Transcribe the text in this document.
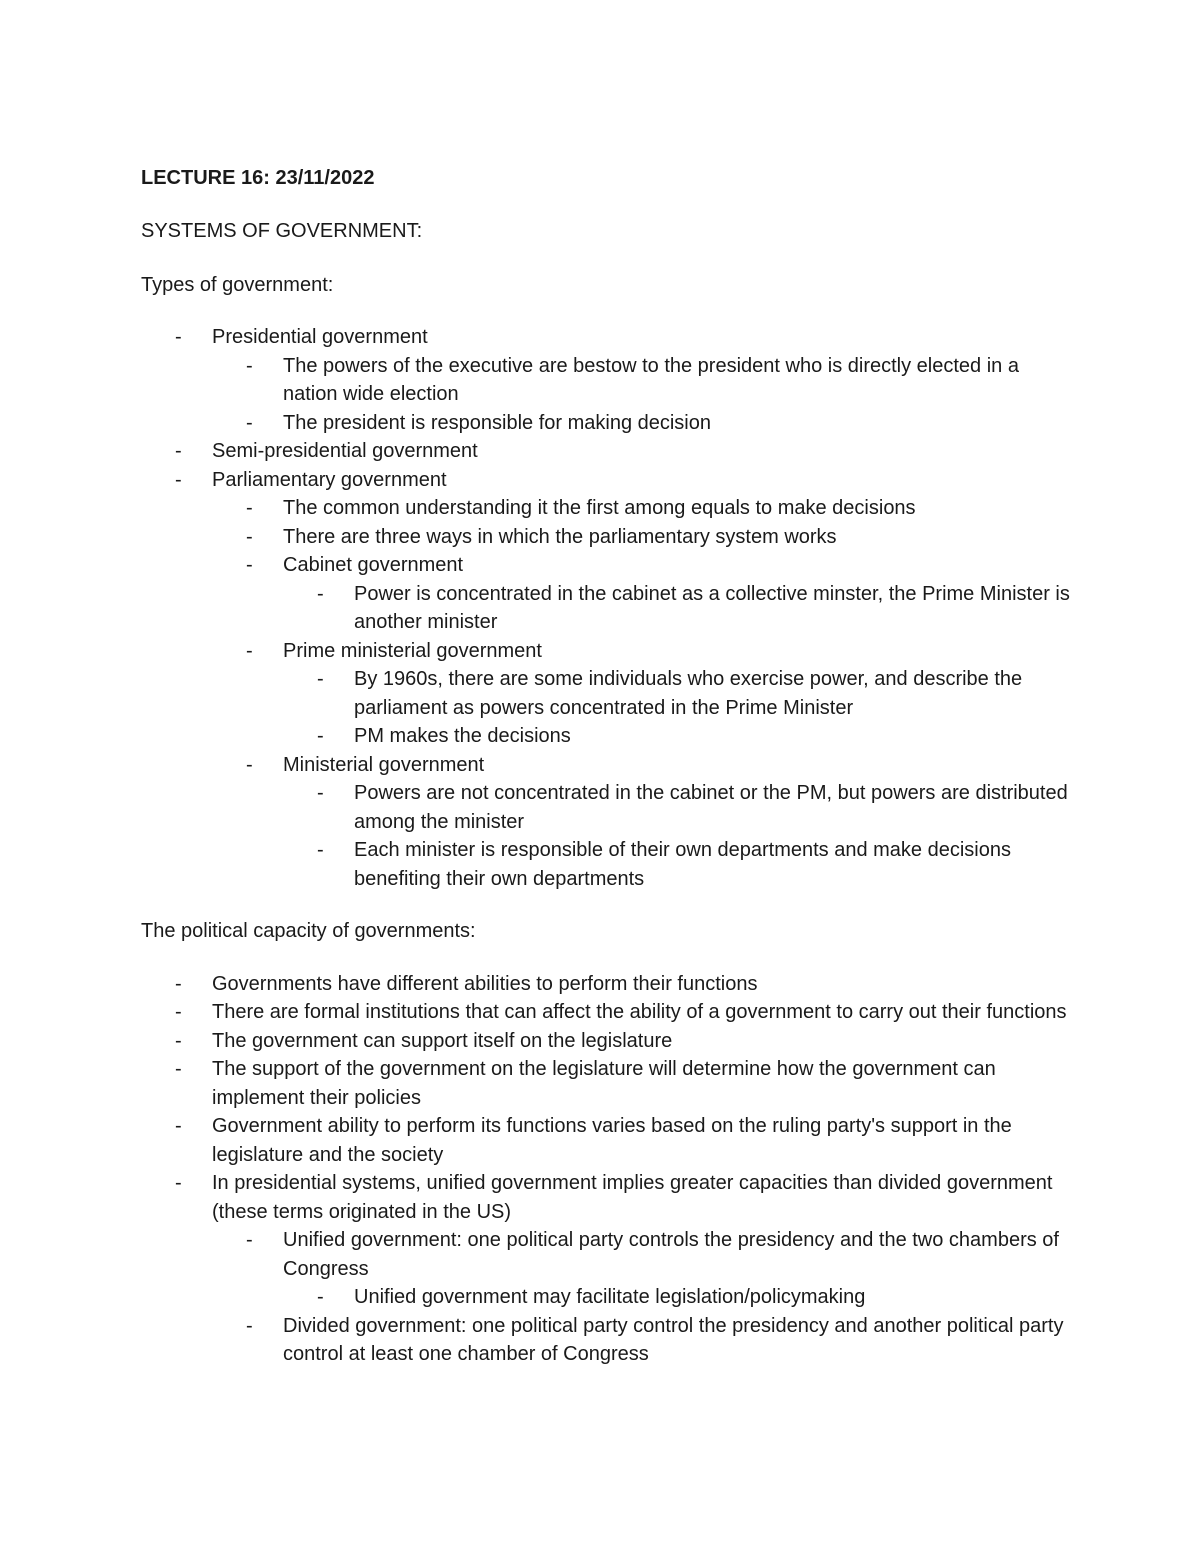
LECTURE 16: 23/11/2022

SYSTEMS OF GOVERNMENT:

Types of government:

- Presidential government
- The powers of the executive are bestow to the president who is directly elected in a nation wide election
- The president is responsible for making decision
- Semi-presidential government
- Parliamentary government
- The common understanding it the first among equals to make decisions
- There are three ways in which the parliamentary system works
- Cabinet government
- Power is concentrated in the cabinet as a collective minster, the Prime Minister is another minister
- Prime ministerial government
- By 1960s, there are some individuals who exercise power, and describe the parliament as powers concentrated in the Prime Minister
- PM makes the decisions
- Ministerial government
- Powers are not concentrated in the cabinet or the PM, but powers are distributed among the minister
- Each minister is responsible of their own departments and make decisions benefiting their own departments

The political capacity of governments:

- Governments have different abilities to perform their functions
- There are formal institutions that can affect the ability of a government to carry out their functions
- The government can support itself on the legislature
- The support of the government on the legislature will determine how the government can implement their policies
- Government ability to perform its functions varies based on the ruling party's support in the legislature and the society
- In presidential systems, unified government implies greater capacities than divided government (these terms originated in the US)
- Unified government: one political party controls the presidency and the two chambers of Congress
- Unified government may facilitate legislation/policymaking
- Divided government: one political party control the presidency and another political party control at least one chamber of Congress
